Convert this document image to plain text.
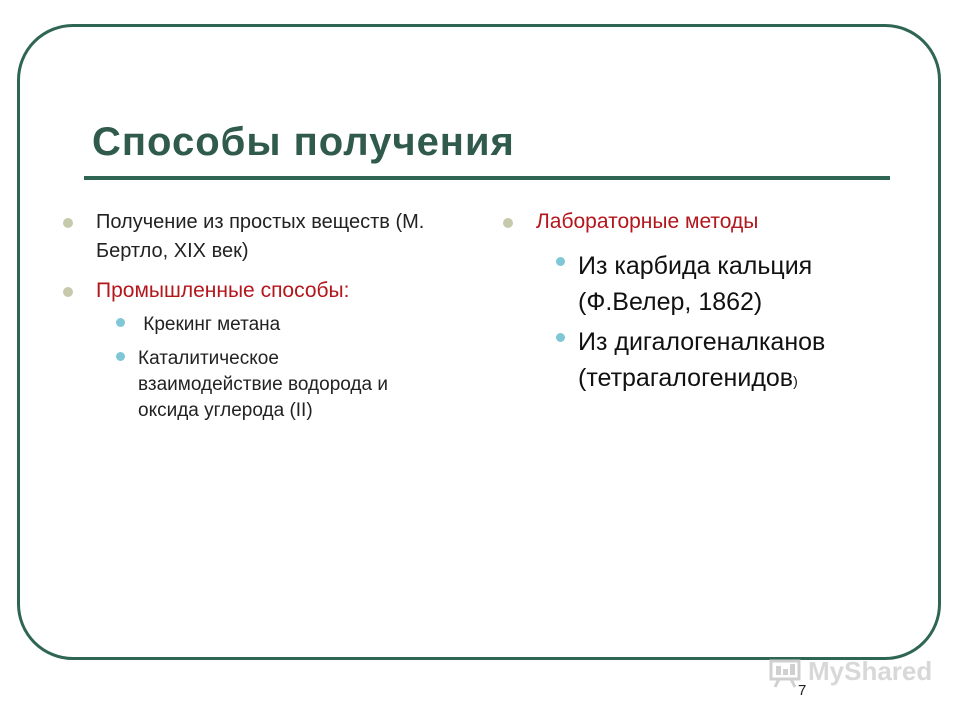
Способы получения
Получение из простых веществ (М. Бертло, XIX век)
Промышленные способы:
Крекинг метана
Каталитическое взаимодействие водорода и оксида углерода (II)
Лабораторные методы
Из карбида кальция (Ф.Велер, 1862)
Из дигалогеналканов (тетрагалогенидов)
MyShared
7
